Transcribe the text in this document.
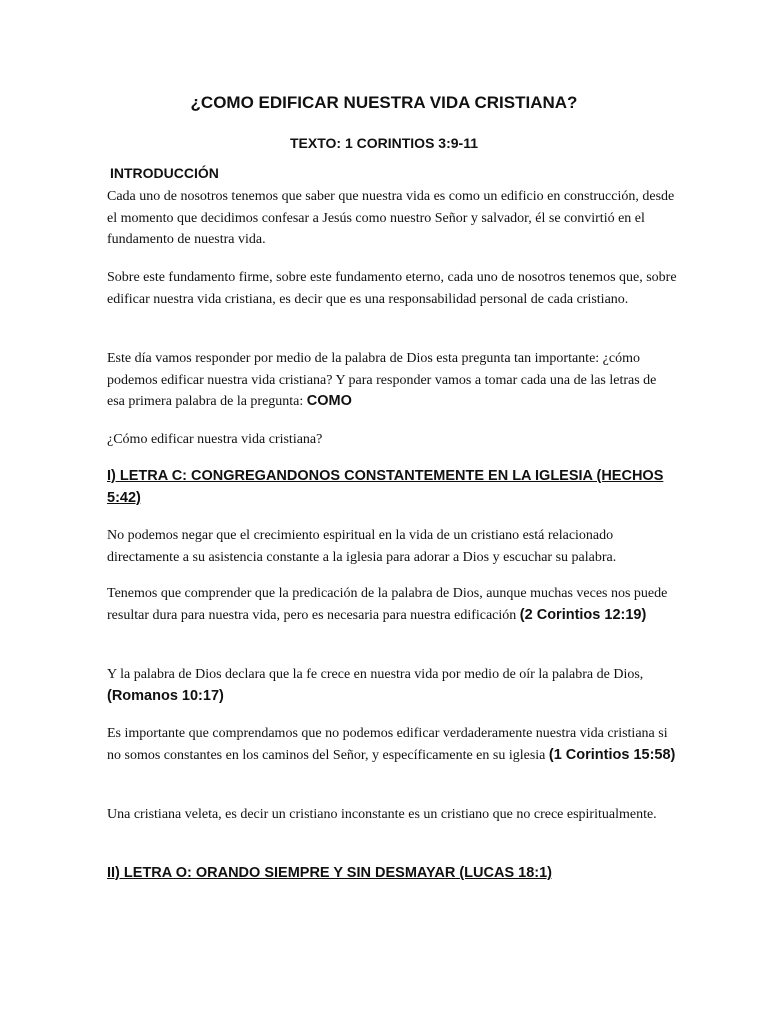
¿COMO EDIFICAR NUESTRA VIDA CRISTIANA?
TEXTO: 1 CORINTIOS 3:9-11
INTRODUCCIÓN
Cada uno de nosotros tenemos que saber que nuestra vida es como un edificio en construcción, desde el momento que decidimos confesar a Jesús como nuestro Señor y salvador, él se convirtió en el fundamento de nuestra vida.
Sobre este fundamento firme, sobre este fundamento eterno, cada uno de nosotros tenemos que, sobre edificar nuestra vida cristiana, es decir que es una responsabilidad personal de cada cristiano.
Este día vamos responder por medio de la palabra de Dios esta pregunta tan importante: ¿cómo podemos edificar nuestra vida cristiana? Y para responder vamos a tomar cada una de las letras de esa primera palabra de la pregunta: COMO
¿Cómo edificar nuestra vida cristiana?
I) LETRA C: CONGREGANDONOS CONSTANTEMENTE EN LA IGLESIA (HECHOS 5:42)
No podemos negar que el crecimiento espiritual en la vida de un cristiano está relacionado directamente a su asistencia constante a la iglesia para adorar a Dios y escuchar su palabra.
Tenemos que comprender que la predicación de la palabra de Dios, aunque muchas veces nos puede resultar dura para nuestra vida, pero es necesaria para nuestra edificación (2 Corintios 12:19)
Y la palabra de Dios declara que la fe crece en nuestra vida por medio de oír la palabra de Dios, (Romanos 10:17)
Es importante que comprendamos que no podemos edificar verdaderamente nuestra vida cristiana si no somos constantes en los caminos del Señor, y específicamente en su iglesia (1 Corintios 15:58)
Una cristiana veleta, es decir un cristiano inconstante es un cristiano que no crece espiritualmente.
II) LETRA O: ORANDO SIEMPRE Y SIN DESMAYAR (LUCAS 18:1)
